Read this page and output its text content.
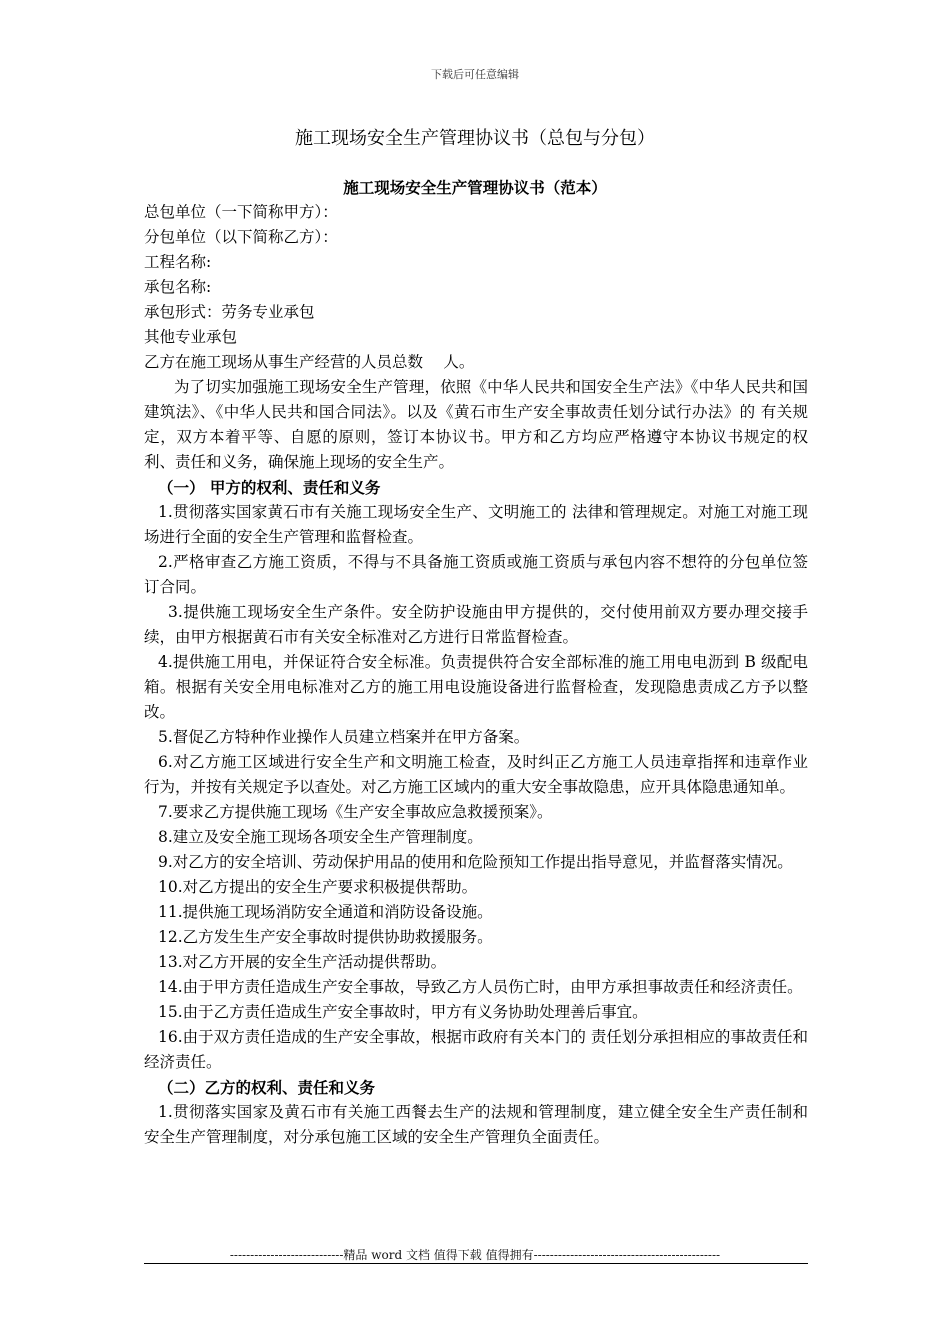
下载后可任意编辑
施工现场安全生产管理协议书（总包与分包）
施工现场安全生产管理协议书（范本）

总包单位（一下简称甲方）：

分包单位（以下简称乙方）：

工程名称:

承包名称:

承包形式：劳务专业承包

其他专业承包

乙方在施工现场从事生产经营的人员总数　 人。

为了切实加强施工现场安全生产管理，依照《中华人民共和国安全生产法》《中华人民共和国建筑法》、《中华人民共和国合同法》。以及《黄石市生产安全事故责任划分试行办法》的 有关规定，双方本着平等、自愿的原则，签订本协议书。甲方和乙方均应严格遵守本协议书规定的权利、责任和义务，确保施上现场的安全生产。

（一） 甲方的权利、责任和义务

1.贯彻落实国家黄石市有关施工现场安全生产、文明施工的 法律和管理规定。对施工对施工现场进行全面的安全生产管理和监督检查。

2.严格审查乙方施工资质，不得与不具备施工资质或施工资质与承包内容不想符的分包单位签订合同。

3.提供施工现场安全生产条件。安全防护设施由甲方提供的，交付使用前双方要办理交接手续，由甲方根据黄石市有关安全标准对乙方进行日常监督检查。

4.提供施工用电，并保证符合安全标准。负责提供符合安全部标准的施工用电电沥到 B 级配电箱。根据有关安全用电标准对乙方的施工用电设施设备进行监督检查，发现隐患责成乙方予以整改。

5.督促乙方特种作业操作人员建立档案并在甲方备案。

6.对乙方施工区域进行安全生产和文明施工检查，及时纠正乙方施工人员违章指挥和违章作业行为，并按有关规定予以查处。对乙方施工区域内的重大安全事故隐患，应开具体隐患通知单。

7.要求乙方提供施工现场《生产安全事故应急救援预案》。

8.建立及安全施工现场各项安全生产管理制度。

9.对乙方的安全培训、劳动保护用品的使用和危险预知工作提出指导意见，并监督落实情况。

10.对乙方提出的安全生产要求积极提供帮助。

11.提供施工现场消防安全通道和消防设备设施。

12.乙方发生生产安全事故时提供协助救援服务。

13.对乙方开展的安全生产活动提供帮助。

14.由于甲方责任造成生产安全事故，导致乙方人员伤亡时，由甲方承担事故责任和经济责任。

15.由于乙方责任造成生产安全事故时，甲方有义务协助处理善后事宜。

16.由于双方责任造成的生产安全事故，根据市政府有关本门的 责任划分承担相应的事故责任和经济责任。

（二）乙方的权利、责任和义务

1.贯彻落实国家及黄石市有关施工西餐去生产的法规和管理制度，建立健全安全生产责任制和安全生产管理制度，对分承包施工区域的安全生产管理负全面责任。

----------------------------精品 word 文档 值得下载 值得拥有----------------------------------------------
